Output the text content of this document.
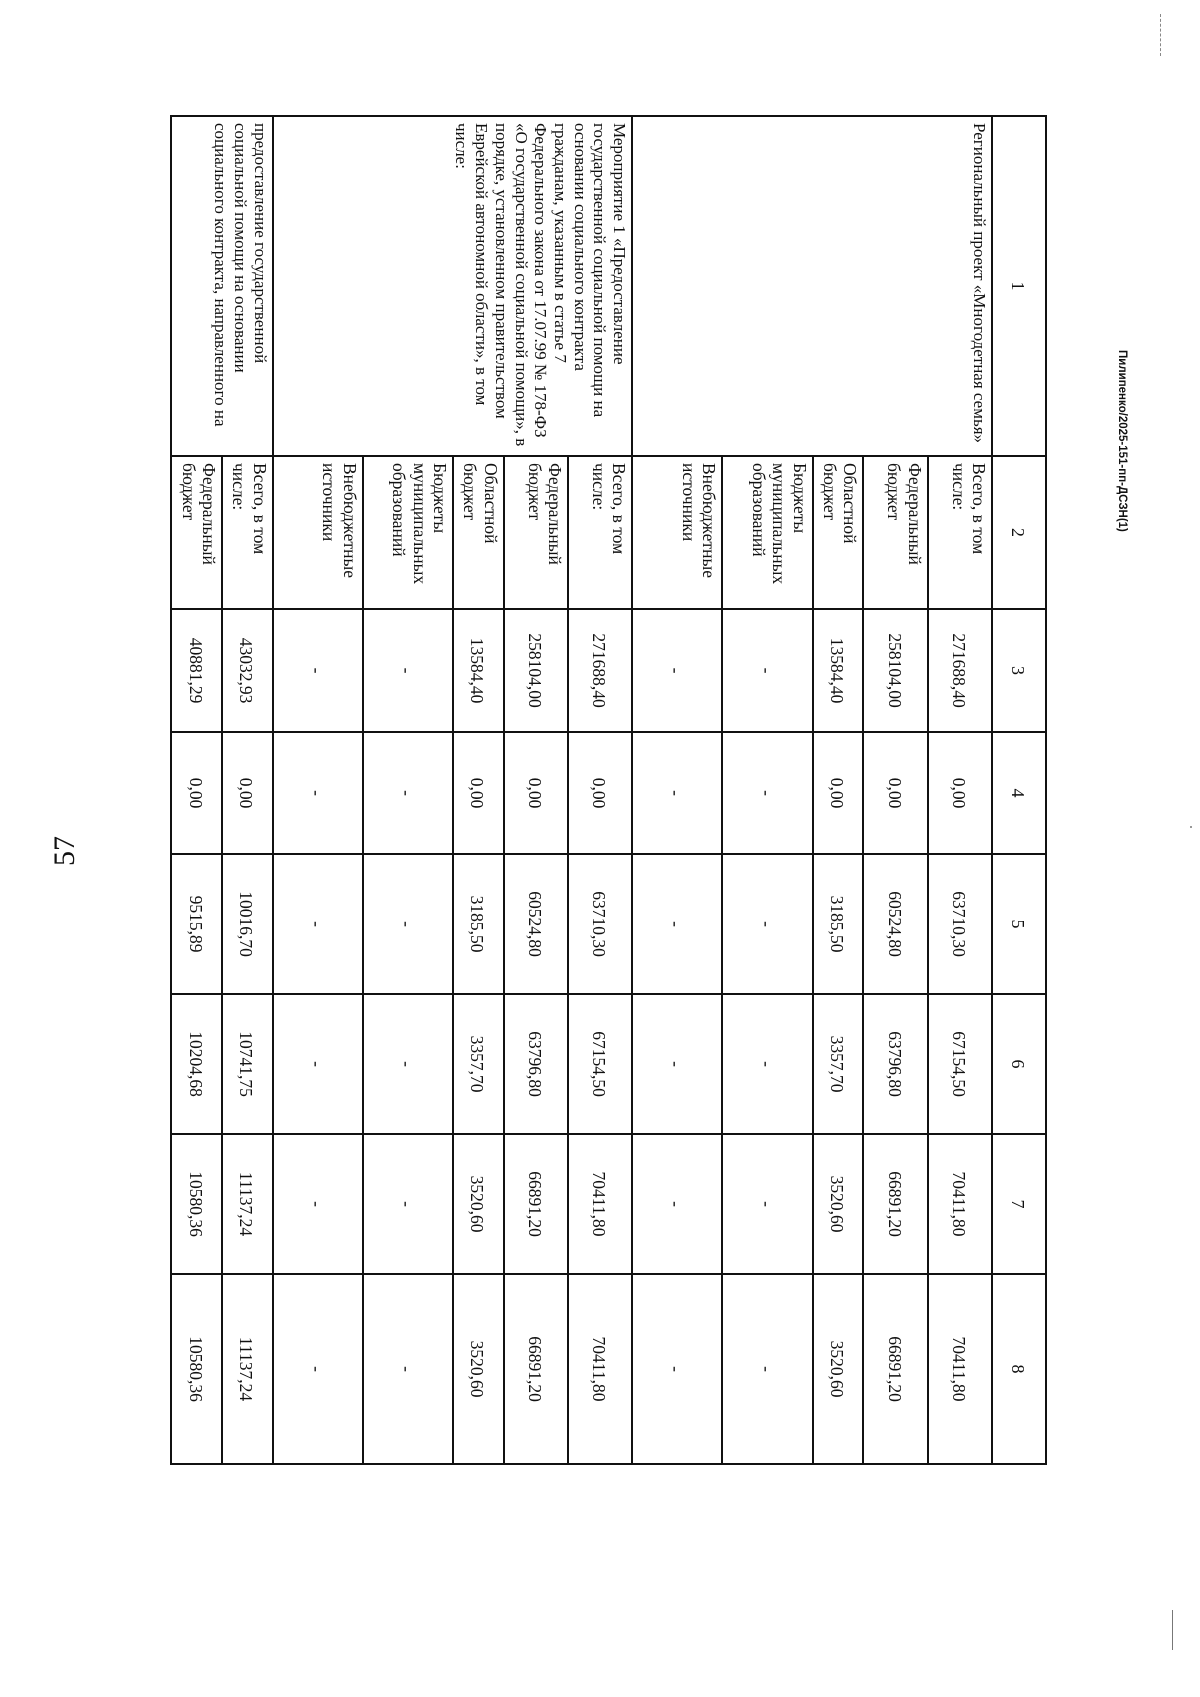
57
Пилипенко/2025-151-пп-ДСЗН(1)
1	2	3	4	5	6	7	8
Региональный проект «Многодетная семья»	Всего, в том числе:	271688,40	0,00	63710,30	67154,50	70411,80	70411,80
	Федеральный бюджет	258104,00	0,00	60524,80	63796,80	66891,20	66891,20
	Областной бюджет	13584,40	0,00	3185,50	3357,70	3520,60	3520,60
	Бюджеты муниципальных образований	-	-	-	-	-	-
	Внебюджетные источники	-	-	-	-	-	-
Мероприятие 1 «Предоставление государственной социальной помощи на основании социального контракта гражданам, указанным в статье 7 Федерального закона от 17.07.99 № 178-ФЗ «О государственной социальной помощи», в порядке, установленном правительством Еврейской автономной области», в том числе:	Всего, в том числе:	271688,40	0,00	63710,30	67154,50	70411,80	70411,80
	Федеральный бюджет	258104,00	0,00	60524,80	63796,80	66891,20	66891,20
	Областной бюджет	13584,40	0,00	3185,50	3357,70	3520,60	3520,60
	Бюджеты муниципальных образований	-	-	-	-	-	-
	Внебюджетные источники	-	-	-	-	-	-
предоставление государственной социальной помощи на основании социального контракта, направленного на	Всего, в том числе:	43032,93	0,00	10016,70	10741,75	11137,24	11137,24
	Федеральный бюджет	40881,29	0,00	9515,89	10204,68	10580,36	10580,36
